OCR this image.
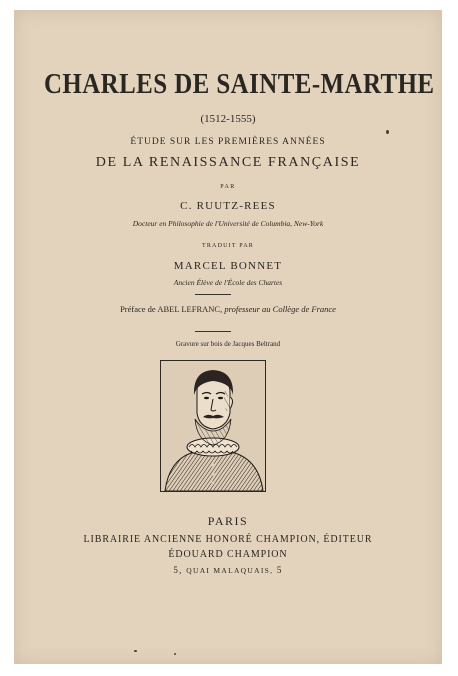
CHARLES DE SAINTE-MARTHE
(1512-1555)
ÉTUDE SUR LES PREMIÈRES ANNÉES
DE LA RENAISSANCE FRANÇAISE
PAR
C. RUUTZ-REES
Docteur en Philosophie de l'Université de Columbia, New-York
TRADUIT PAR
MARCEL BONNET
Ancien Élève de l'École des Chartes
Préface de ABEL LEFRANC, professeur au Collège de France
Gravure sur bois de Jacques Beltrand
PARIS
LIBRAIRIE ANCIENNE HONORÉ CHAMPION, ÉDITEUR
ÉDOUARD CHAMPION
5, QUAI MALAQUAIS, 5
